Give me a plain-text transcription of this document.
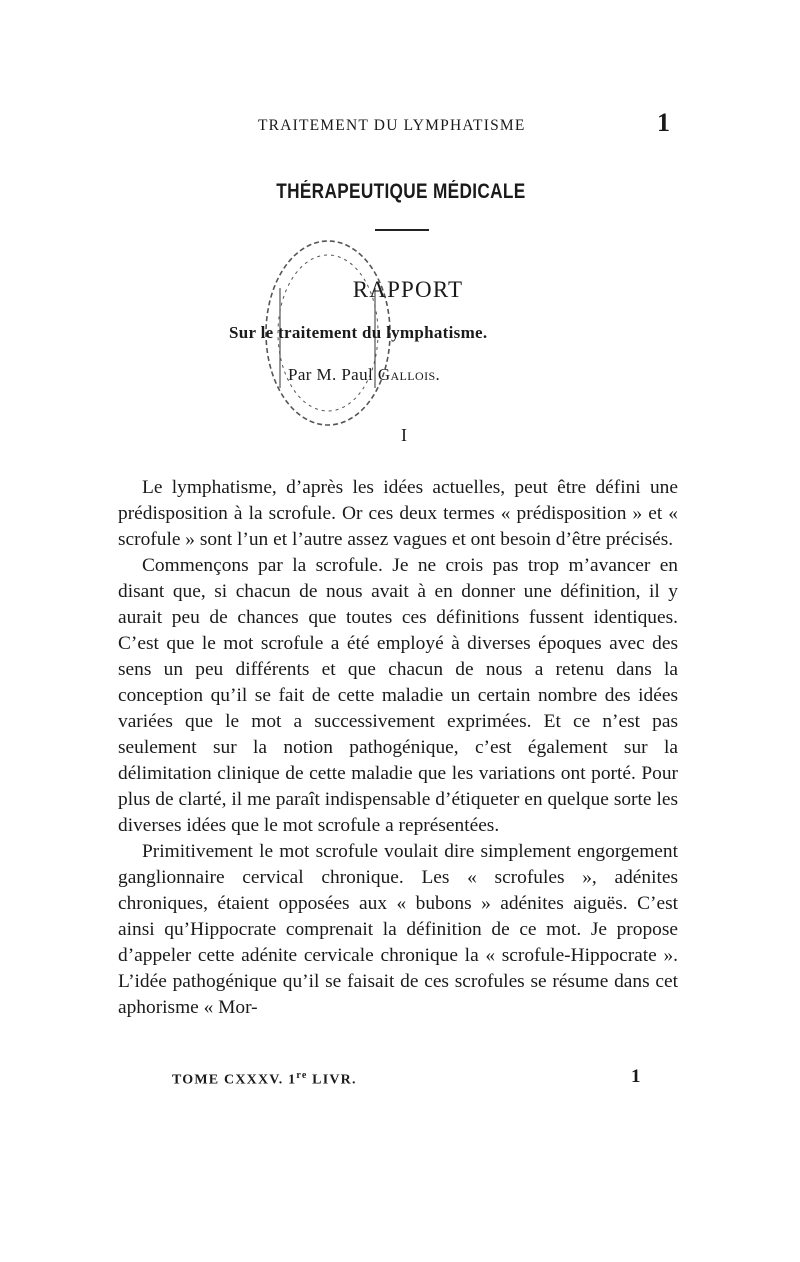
TRAITEMENT DU LYMPHATISME	1
THÉRAPEUTIQUE MÉDICALE
RAPPORT
Sur le traitement du lymphatisme.
Par M. Paul Gallois.
I

Le lymphatisme, d’après les idées actuelles, peut être défini une prédisposition à la scrofule. Or ces deux termes « prédisposition » et « scrofule » sont l’un et l’autre assez vagues et ont besoin d’être précisés.

Commençons par la scrofule. Je ne crois pas trop m’avancer en disant que, si chacun de nous avait à en donner une définition, il y aurait peu de chances que toutes ces définitions fussent identiques. C’est que le mot scrofule a été employé à diverses époques avec des sens un peu différents et que chacun de nous a retenu dans la conception qu’il se fait de cette maladie un certain nombre des idées variées que le mot a successivement exprimées. Et ce n’est pas seulement sur la notion pathogénique, c’est également sur la délimitation clinique de cette maladie que les variations ont porté. Pour plus de clarté, il me paraît indispensable d’étiqueter en quelque sorte les diverses idées que le mot scrofule a représentées.

Primitivement le mot scrofule voulait dire simplement engorgement ganglionnaire cervical chronique. Les « scrofules », adénites chroniques, étaient opposées aux « bubons » adénites aiguës. C’est ainsi qu’Hippocrate comprenait la définition de ce mot. Je propose d’appeler cette adénite cervicale chronique la « scrofule-Hippocrate ». L’idée pathogénique qu’il se faisait de ces scrofules se résume dans cet aphorisme « Mor-

TOME CXXXV. 1re LIVR.	1
